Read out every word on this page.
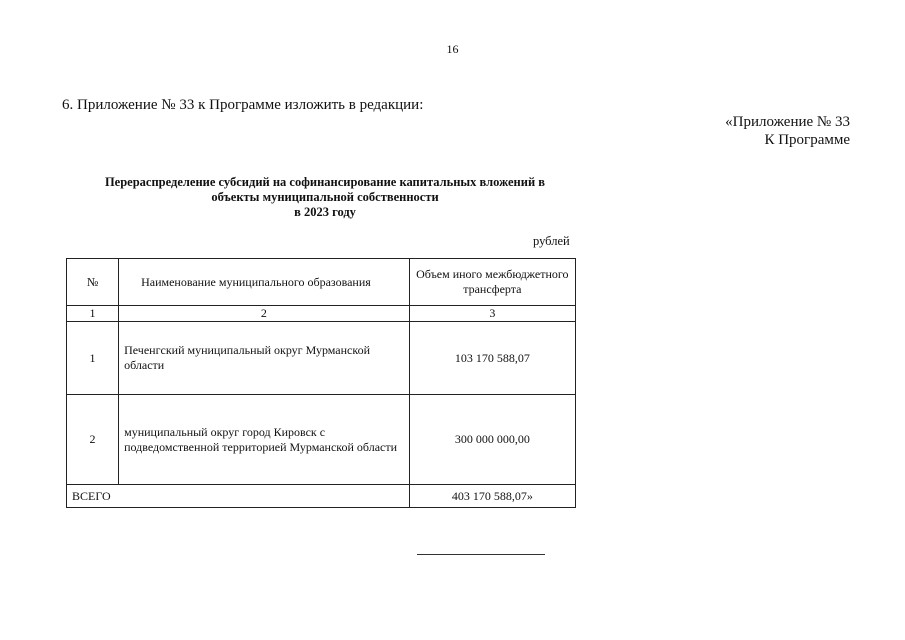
16
6. Приложение № 33 к Программе изложить в редакции:
«Приложение № 33
К Программе
Перераспределение субсидий на софинансирование капитальных вложений в
объекты муниципальной собственности
в 2023 году
рублей
№	Наименование муниципального образования	Объем иного межбюджетного трансферта
1	2	3
1	Печенгский муниципальный округ Мурманской области	103 170 588,07
2	муниципальный округ город Кировск с подведомственной территорией Мурманской области	300 000 000,00
ВСЕГО		403 170 588,07»
